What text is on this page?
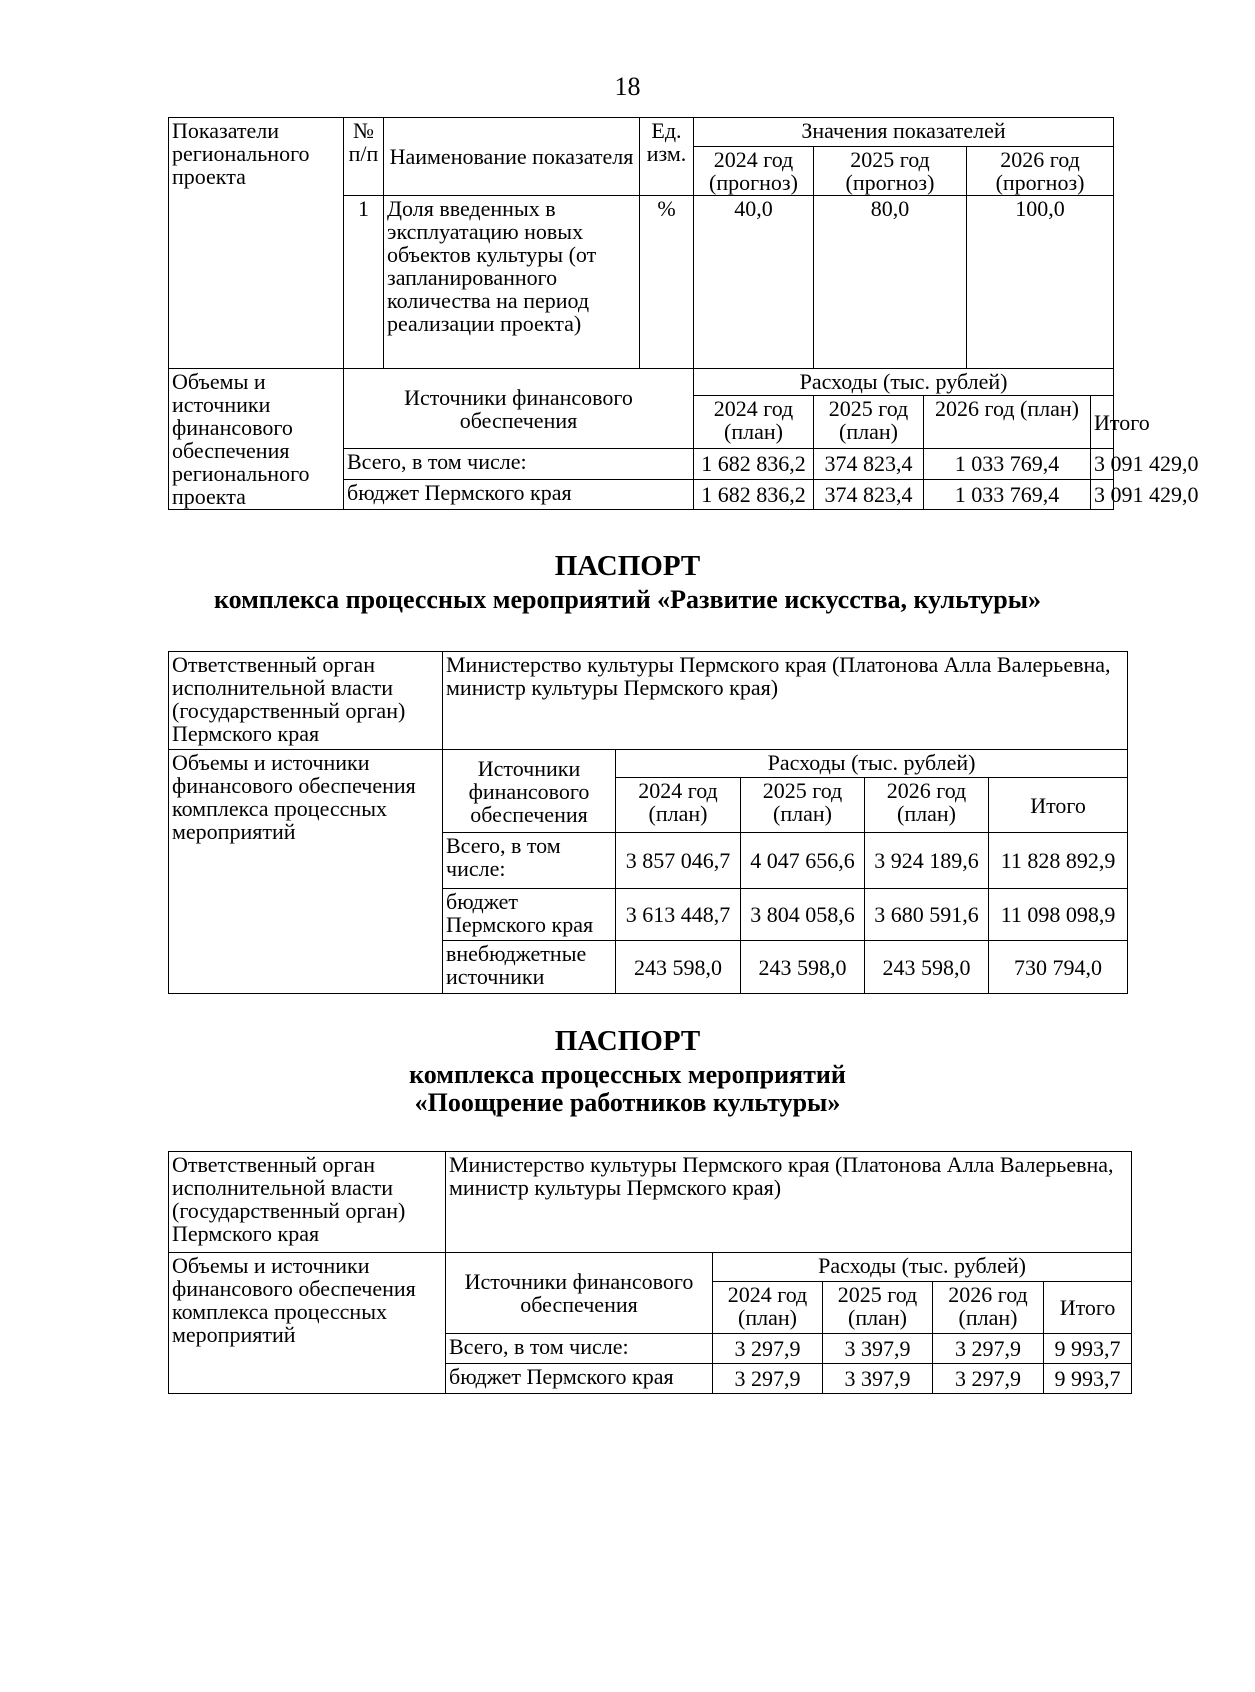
18
Показатели регионального проекта	№ п/п	Наименование показателя	Ед. изм.	Значения показателей				
				2024 год (прогноз)	2025 год (прогноз)		2026 год (прогноз)	
	1	Доля введенных в эксплуатацию новых объектов культуры (от запланированного количества на период реализации проекта)	%	40,0	80,0		100,0	
Объемы и источники финансового обеспечения регионального проекта	Источники финансового обеспечения			Расходы (тыс. рублей)				
				2024 год (план)	2025 год (план)	2026 год (план)		Итого
	Всего, в том числе:			1 682 836,2	374 823,4	1 033 769,4		3 091 429,0
	бюджет Пермского края			1 682 836,2	374 823,4	1 033 769,4		3 091 429,0
ПАСПОРТ
комплекса процессных мероприятий «Развитие искусства, культуры»
Ответственный орган исполнительной власти (государственный орган) Пермского края	Министерство культуры Пермского края (Платонова Алла Валерьевна, министр культуры Пермского края)				
Объемы и источники финансового обеспечения комплекса процессных мероприятий	Источники финансового обеспечения	Расходы (тыс. рублей)			
		2024 год (план)	2025 год (план)	2026 год (план)	Итого
	Всего, в том числе:	3 857 046,7	4 047 656,6	3 924 189,6	11 828 892,9
	бюджет Пермского края	3 613 448,7	3 804 058,6	3 680 591,6	11 098 098,9
	внебюджетные источники	243 598,0	243 598,0	243 598,0	730 794,0
ПАСПОРТ
комплекса процессных мероприятий
«Поощрение работников культуры»
Ответственный орган исполнительной власти (государственный орган) Пермского края	Министерство культуры Пермского края (Платонова Алла Валерьевна, министр культуры Пермского края)				
Объемы и источники финансового обеспечения комплекса процессных мероприятий	Источники финансового обеспечения	Расходы (тыс. рублей)			
		2024 год (план)	2025 год (план)	2026 год (план)	Итого
	Всего, в том числе:	3 297,9	3 397,9	3 297,9	9 993,7
	бюджет Пермского края	3 297,9	3 397,9	3 297,9	9 993,7
